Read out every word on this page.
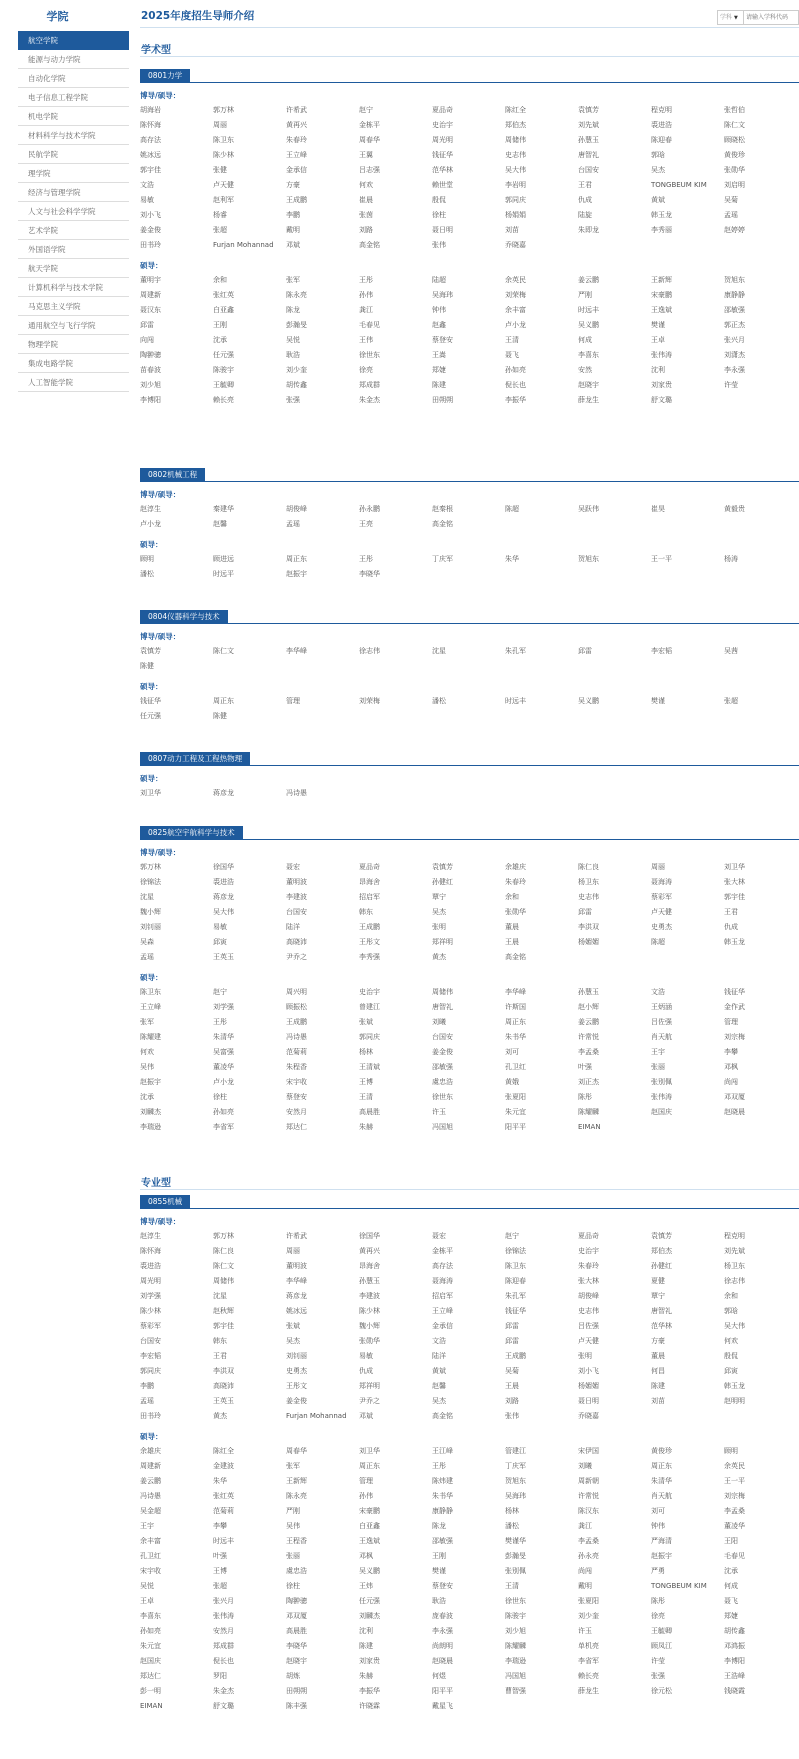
学院
航空学院
能源与动力学院
自动化学院
电子信息工程学院
机电学院
材料科学与技术学院
民航学院
理学院
经济与管理学院
人文与社会科学学院
艺术学院
外国语学院
航天学院
计算机科学与技术学院
马克思主义学院
通用航空与飞行学院
物理学院
集成电路学院
人工智能学院
2025年度招生导师介绍	学科 ▼
请输入学科代码
学术型
0801力学
博导/硕导：
胡海岩	郭万林	许希武	赵宁	夏品奇	陈红全	袁慎芳	程克明	张哲伯
陈怀海	周丽	黄再兴	金栋平	史治宇	郑伯杰	刘先斌	裘进浩	陈仁文
高存法	陈卫东	朱春玲	周春华	周光明	周储伟	孙慧玉	陈迎春	顾晓松
姚冰远	陈少林	王立峰	王翼	钱征华	史志伟	唐智礼	郭晗	黄俊珍
郭宇佳	张健	金承信	吕志强	范华林	吴大伟	台国安	吴杰	张勋华
文浩	卢天健	方豪	何欢	赖世堂	李岩明	王君	TONGBEUM KIM	刘启明
易敏	赵利军	王成鹏	崔晨	殷侃	郭同庆	仇成	黄斌	吴菊
刘小飞	杨睿	李鹏	张茵	徐柱	杨娟娟	陆旋	韩玉龙	孟瑶
姜金俊	张超	戴明	刘路	聂日明	刘苗	朱即龙	李秀丽	赵婷婷
田书玲	Furjan Mohannad	邓斌	高金铭	张伟	乔晓嘉
硕导：
董明宇	余和	张军	王彤	陆超	余英民	姜云鹏	王新辉	贺旭东
周建新	张红英	陈永亮	孙伟	吴海玮	刘荣梅	严刚	宋豪鹏	康静静
聂汉东	白亚鑫	陈龙	龚江	钟伟	余丰富	时远丰	王逸斌	邵敏强
邱雷	王刚	彭瀚旻	毛春见	赵鑫	卢小龙	吴义鹏	樊谨	郭正杰
向闯	沈承	吴悦	王伟	蔡登安	王清	何成	王卓	张兴月
陶翀骢	任元强	耿浩	徐世东	王嵩	聂飞	李喜东	张伟涛	刘潇杰
苗春波	陈骏宇	刘少奎	徐亮	郑婕	孙如亮	安然	沈利	李永强
刘少旭	王毓卿	胡传鑫	郑成群	陈建	倪长也	赵晓宇	刘家贵	许莹
李博阳	赖长亮	张强	朱金杰	田朔朔	李振华	薛龙生	舒文璐
0802机械工程
博导/硕导：
赵淳生	秦建华	胡俊峰	孙永鹏	赵秦根	陈超	吴跃伟	崔昊	黄毅贵
卢小龙	赵馨	孟瑶	王亮	高金铭
硕导：
顾明	顾进远	周正东	王彤	丁庆军	朱华	贺旭东	王一平	杨涛
潘松	时远平	赵振宇	李晓华
0804仪器科学与技术
博导/硕导：
袁慎芳	陈仁文	李华峰	徐志伟	沈星	朱孔军	邱雷	李宏韬	吴茜
陈健
硕导：
钱征华	周正东	管理	刘荣梅	潘松	时远丰	吴义鹏	樊谨	张超
任元强	陈健
0807动力工程及工程热物理
硕导：
刘卫华	蒋彦龙	冯诗愚
0825航空宇航科学与技术
博导/硕导：
郭万林	徐国华	聂宏	夏品奇	袁慎芳	余雄庆	陈仁良	周丽	刘卫华
徐锦法	裘进浩	董明波	昂海舍	孙健红	朱春玲	杨卫东	聂海涛	张大林
沈星	蒋彦龙	李建波	招启军	覃宁	余和	史志伟	蔡彩军	郭宇佳
魏小辉	吴大伟	台国安	韩东	吴杰	张勋华	邱雷	卢天健	王君
刘钊丽	易敏	陆洋	王成鹏	张明	董晨	李洪双	史勇杰	仇成
吴森	邱寅	高晓沛	王彤文	郑祥明	王晨	杨媚媚	陈超	韩玉龙
孟瑶	王英玉	尹乔之	李秀强	黄杰	高金铭
硕导：
陈卫东	赵宁	周兴明	史治宇	周储伟	李华峰	孙慧玉	文浩	钱征华
王立峰	刘学强	顾振松	曾建江	唐智礼	许斯国	赵小辉	王炳涵	金作武
张军	王彤	王成鹏	张斌	刘曦	周正东	姜云鹏	吕佐强	管理
陈耀建	朱清华	冯诗愚	郭同庆	台国安	朱书华	许常悦	肖天航	刘宗梅
何欢	吴富强	范菊莉	杨林	姜金俊	刘可	李孟桑	王宇	李攀
吴伟	董凌华	朱程香	王清斌	邵敏强	孔卫红	叶强	张丽	邓枫
赵振宇	卢小龙	宋宇收	王博	虞忠浩	黄娥	刘正杰	张別佩	尚闯
沈承	徐柱	蔡登安	王清	徐世东	张夏阳	陈彤	张伟涛	邓双厦
刘麟杰	孙如亮	安然月	高晨胜	许玉	朱元宜	陈耀麟	赵国庆	赵晓晨
李瑞逊	李省军	郑达仁	朱赫	冯国旭	阳平平	EIMAN
专业型
0855机械
博导/硕导：
赵淳生	郭万林	许希武	徐国华	聂宏	赵宁	夏品奇	袁慎芳	程克明
陈怀海	陈仁良	周丽	黄再兴	金栋平	徐锦法	史治宇	郑伯杰	刘先斌
裘进浩	陈仁文	董明波	昂海舍	高存法	陈卫东	朱春玲	孙健红	杨卫东
周光明	周储伟	李华峰	孙慧玉	聂海涛	陈迎春	张大林	夏健	徐志伟
刘学强	沈星	蒋彦龙	李建波	招启军	朱孔军	胡俊峰	覃宁	余和
陈少林	赵秋辉	姚冰远	陈少林	王立峰	钱征华	史志伟	唐智礼	郭晗
蔡彩军	郭宇佳	张斌	魏小辉	金承信	邱雷	吕佐强	范华林	吴大伟
台国安	韩东	吴杰	张勋华	文浩	邱雷	卢天健	方豪	何欢
李宏韬	王君	刘钊丽	易敏	陆洋	王成鹏	张明	董晨	殷侃
郭同庆	李洪双	史勇杰	仇成	黄斌	吴菊	刘小飞	何昌	邱寅
李鹏	高晓沛	王彤文	郑祥明	赵馨	王晨	杨媚媚	陈建	韩玉龙
孟瑶	王英玉	姜金俊	尹乔之	吴杰	刘路	聂日明	刘苗	赵明明
田书玲	黄杰	Furjan Mohannad	邓斌	高金铭	张伟	乔晓嘉
硕导：
余雄庆	陈红全	周春华	刘卫华	王江峰	管建江	宋伊国	黄俊珍	顾明
周建新	金建波	张军	周正东	王彤	丁庆军	刘曦	周正东	余英民
姜云鹏	朱华	王新辉	管理	陈炜建	贺旭东	周新朝	朱清华	王一平
冯诗愚	张红英	陈永亮	孙伟	朱书华	吴海玮	许常悦	肖天航	刘宗梅
吴金超	范菊莉	严刚	宋豪鹏	康静静	杨林	陈汉东	刘可	李孟桑
王宇	李攀	吴伟	白亚鑫	陈龙	潘松	龚江	钟伟	董凌华
余丰富	时远丰	王程香	王逸斌	邵敏强	樊谨华	李孟桑	严海清	王阳
孔卫红	叶强	张丽	邓枫	王刚	彭瀚旻	孙永亮	赵振宇	毛春见
宋宇收	王博	虞忠浩	吴义鹏	樊谨	张別佩	尚闯	严勇	沈承
吴悦	张超	徐柱	王炜	蔡登安	王清	戴明	TONGBEUM KIM	何成
王卓	张兴月	陶翀骢	任元强	耿浩	徐世东	张夏阳	陈彤	聂飞
李喜东	张伟涛	邓双厦	刘麟杰	庞春波	陈骏宇	刘少奎	徐亮	郑婕
孙如亮	安然月	高晨胜	沈利	李永强	刘少旭	许玉	王毓卿	胡传鑫
朱元宜	郑成群	李晓华	陈建	尚朗明	陈耀麟	单机亮	顾凤江	邓鸿振
赵国庆	倪长也	赵晓宇	刘家贵	赵晓晨	李瑞逊	李省军	许莹	李博阳
郑达仁	罗阳	胡炼	朱赫	何煜	冯国旭	赖长亮	张强	王浩峰
彭一明	朱金杰	田朔朔	李振华	阳平平	曹智强	薛龙生	徐元松	钱晓霞
EIMAN	舒文璐	陈丰强	许晓霖	戴星飞
